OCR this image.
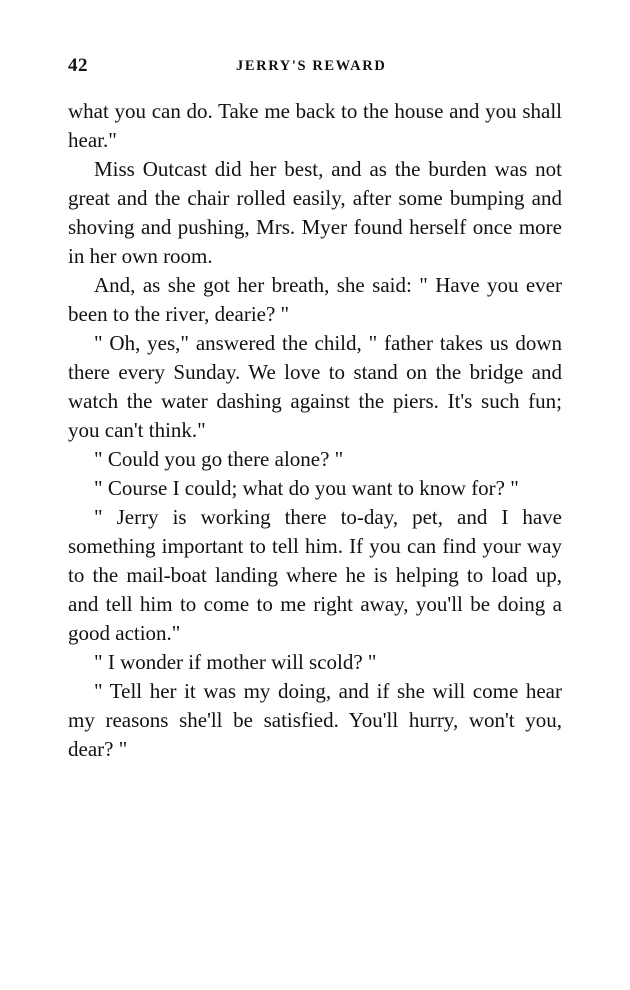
42	JERRY'S REWARD

what you can do. Take me back to the house and you shall hear."

Miss Outcast did her best, and as the burden was not great and the chair rolled easily, after some bumping and shoving and pushing, Mrs. Myer found herself once more in her own room.

And, as she got her breath, she said: " Have you ever been to the river, dearie? "

" Oh, yes," answered the child, " father takes us down there every Sunday. We love to stand on the bridge and watch the water dashing against the piers. It's such fun; you can't think."

" Could you go there alone? "

" Course I could; what do you want to know for? "

" Jerry is working there to-day, pet, and I have something important to tell him. If you can find your way to the mail-boat landing where he is helping to load up, and tell him to come to me right away, you'll be doing a good action."

" I wonder if mother will scold? "

" Tell her it was my doing, and if she will come hear my reasons she'll be satisfied. You'll hurry, won't you, dear? "
